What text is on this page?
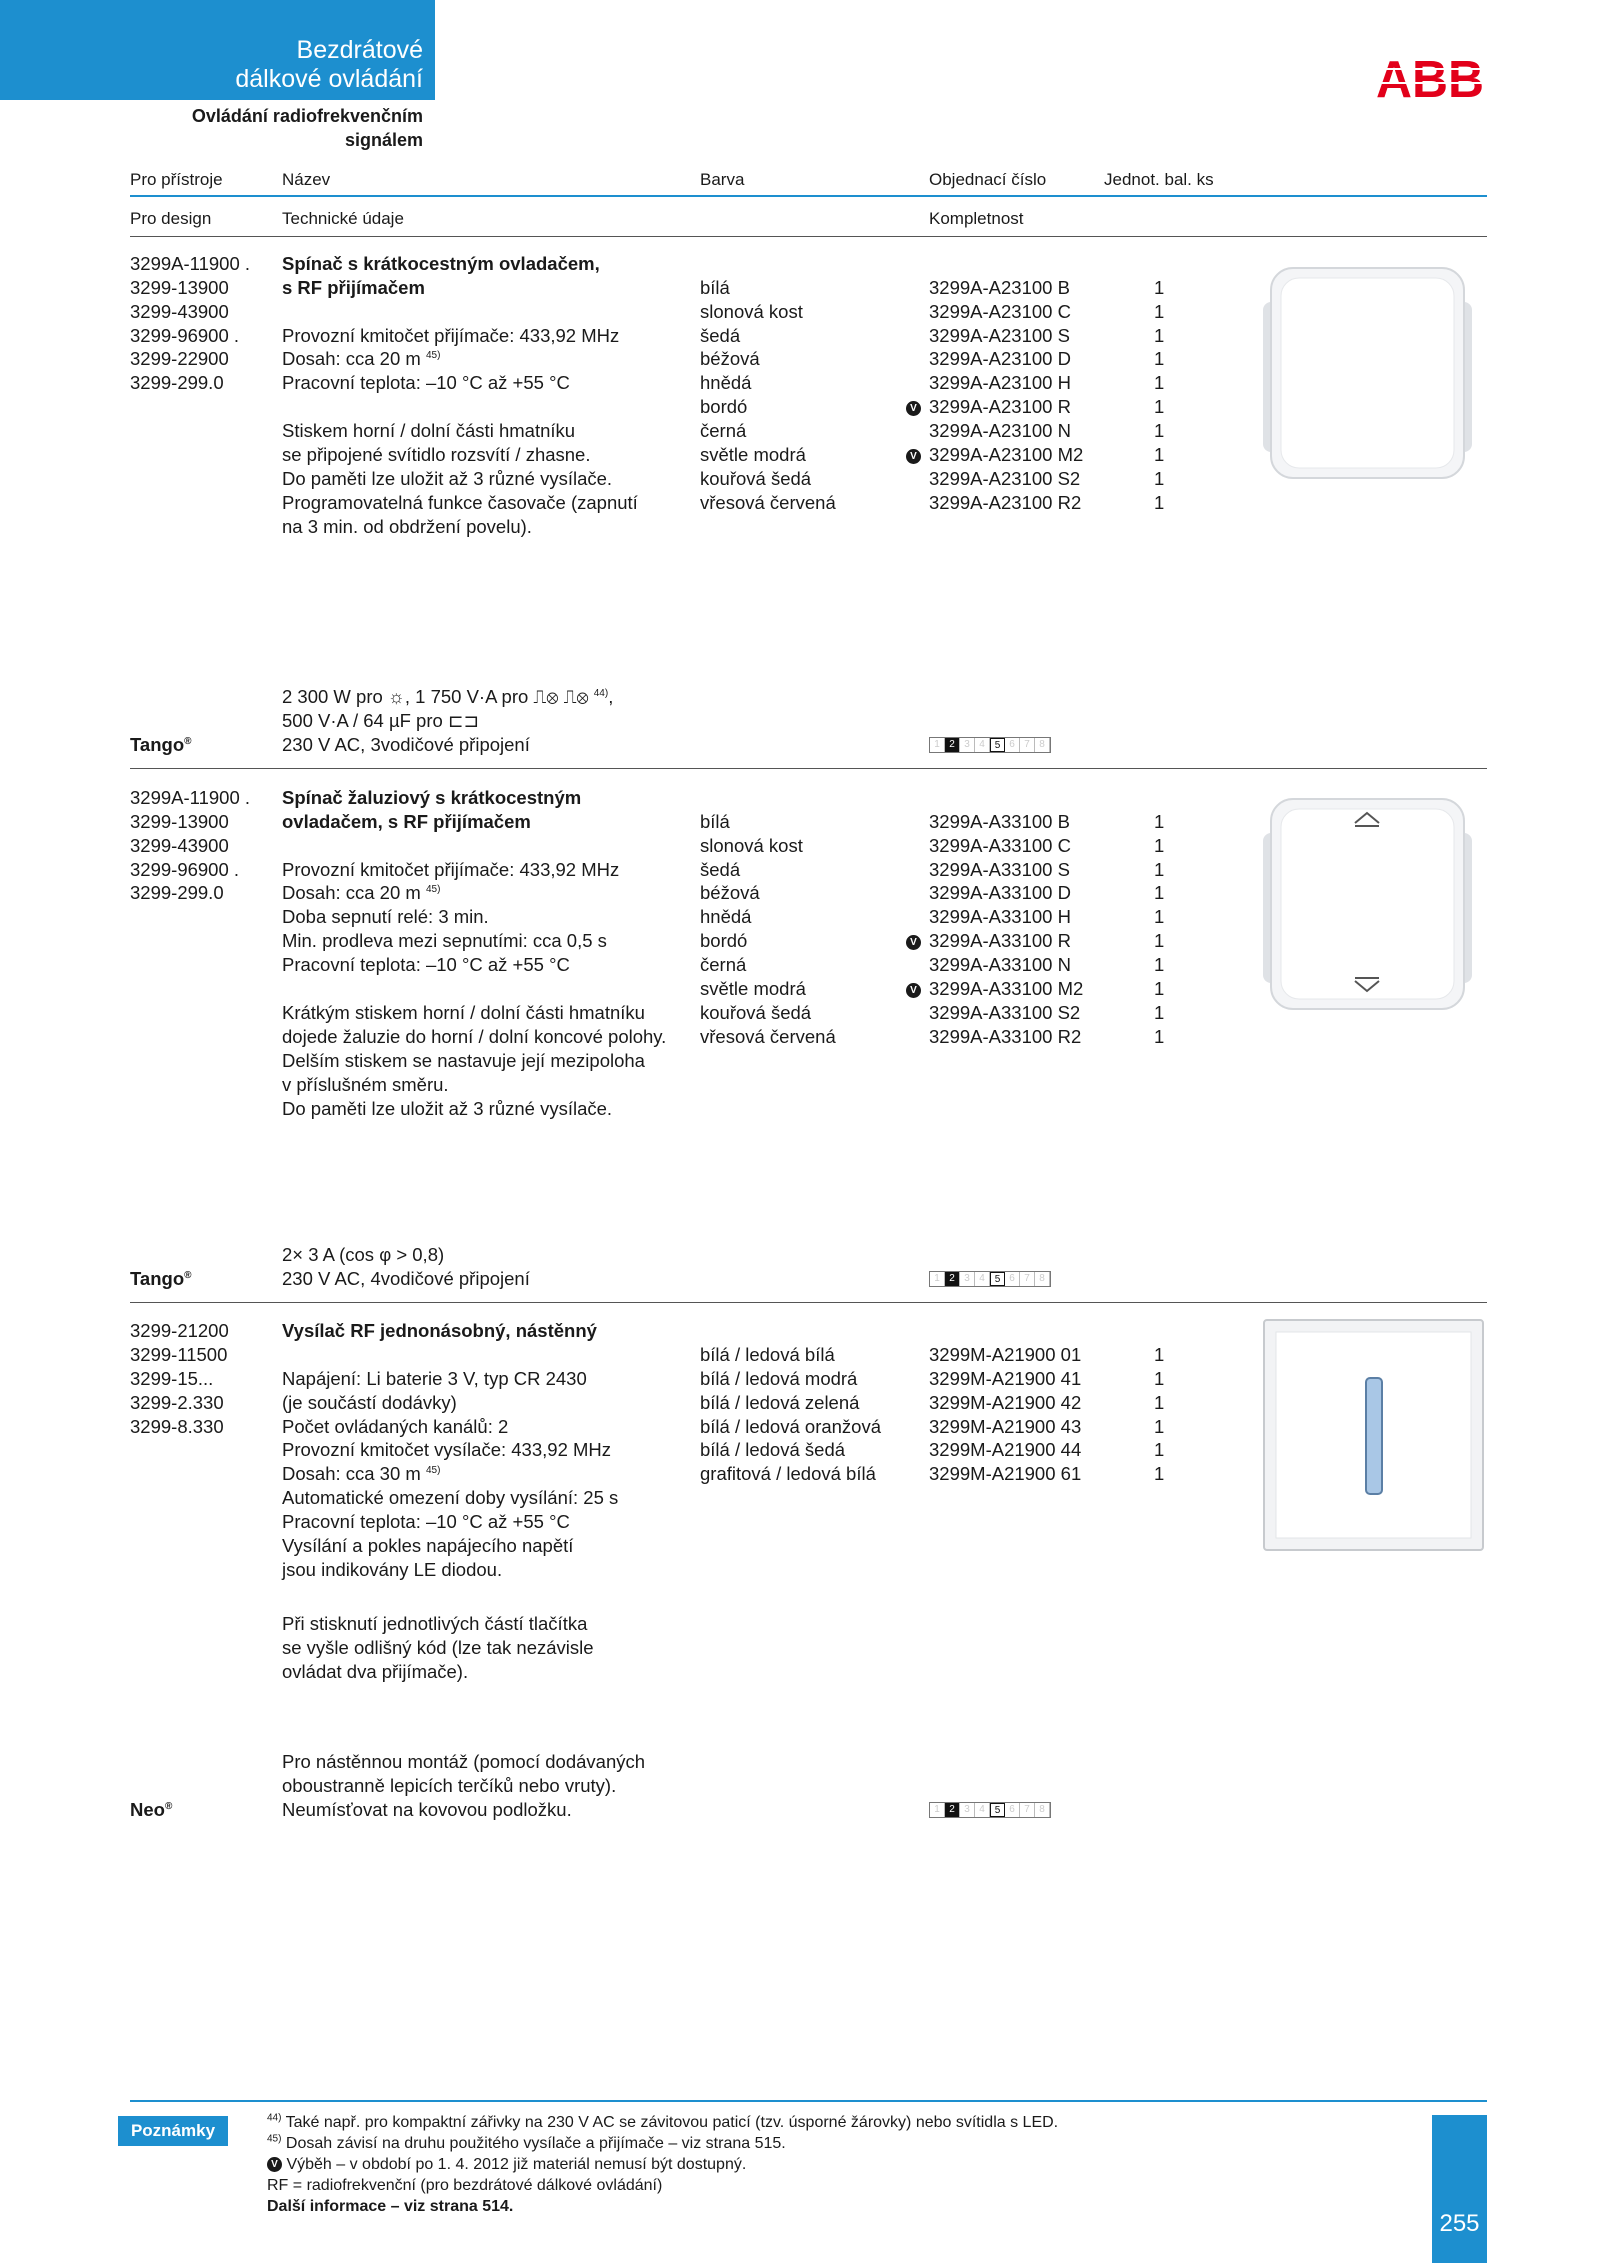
Bezdrátové
dálkové ovládání
Ovládání radiofrekvenčním
signálem
ABB
Pro přístroje	Název	Barva	Objednací číslo	Jednot. bal. ks
Pro design	Technické údaje	Kompletnost
3299A-11900 .
3299-13900
3299-43900
3299-96900 .
3299-22900
3299-299.0
Spínač s krátkocestným ovladačem,
s RF přijímačem
Provozní kmitočet přijímače: 433,92 MHz
Dosah: cca 20 m $^{45)}$
Pracovní teplota: –10 °C až +55 °C
Stiskem horní / dolní části hmatníku
se připojené svítidlo rozsvítí / zhasne.
Do paměti lze uložit až 3 různé vysílače.
Programovatelná funkce časovače (zapnutí
na 3 min. od obdržení povelu).
bílá	3299A-A23100 B	1
slonová kost	3299A-A23100 C	1
šedá	3299A-A23100 S	1
béžová	3299A-A23100 D	1
hnědá	3299A-A23100 H	1
bordó	V 3299A-A23100 R	1
černá	3299A-A23100 N	1
světle modrá	V 3299A-A23100 M2	1
kouřová šedá	3299A-A23100 S2	1
vřesová červená	3299A-A23100 R2	1
2 300 W pro ☼, 1 750 V·A pro ⎍⊗ ⎍⊗ $^{44)}$,
500 V·A / 64 µF pro ⊏⊐
230 V AC, 3vodičové připojení
Tango®	1 2 3 4 5 6 7 8
3299A-11900 .
3299-13900
3299-43900
3299-96900 .
3299-299.0
Spínač žaluziový s krátkocestným
ovladačem, s RF přijímačem
Provozní kmitočet přijímače: 433,92 MHz
Dosah: cca 20 m $^{45)}$
Doba sepnutí relé: 3 min.
Min. prodleva mezi sepnutími: cca 0,5 s
Pracovní teplota: –10 °C až +55 °C
Krátkým stiskem horní / dolní části hmatníku
dojede žaluzie do horní / dolní koncové polohy.
Delším stiskem se nastavuje její mezipoloha
v příslušném směru.
Do paměti lze uložit až 3 různé vysílače.
bílá	3299A-A33100 B	1
slonová kost	3299A-A33100 C	1
šedá	3299A-A33100 S	1
béžová	3299A-A33100 D	1
hnědá	3299A-A33100 H	1
bordó	V 3299A-A33100 R	1
černá	3299A-A33100 N	1
světle modrá	V 3299A-A33100 M2	1
kouřová šedá	3299A-A33100 S2	1
vřesová červená	3299A-A33100 R2	1
2× 3 A (cos φ > 0,8)
230 V AC, 4vodičové připojení
Tango®	1 2 3 4 5 6 7 8
3299-21200
3299-11500
3299-15...
3299-2.330
3299-8.330
Vysílač RF jednonásobný, nástěnný
Napájení: Li baterie 3 V, typ CR 2430
(je součástí dodávky)
Počet ovládaných kanálů: 2
Provozní kmitočet vysílače: 433,92 MHz
Dosah: cca 30 m $^{45)}$
Automatické omezení doby vysílání: 25 s
Pracovní teplota: –10 °C až +55 °C
Vysílání a pokles napájecího napětí
jsou indikovány LE diodou.
Při stisknutí jednotlivých částí tlačítka
se vyšle odlišný kód (lze tak nezávisle
ovládat dva přijímače).
bílá / ledová bílá	3299M-A21900 01	1
bílá / ledová modrá	3299M-A21900 41	1
bílá / ledová zelená	3299M-A21900 42	1
bílá / ledová oranžová	3299M-A21900 43	1
bílá / ledová šedá	3299M-A21900 44	1
grafitová / ledová bílá	3299M-A21900 61	1
Pro nástěnnou montáž (pomocí dodávaných
oboustranně lepicích terčíků nebo vruty).
Neumísťovat na kovovou podložku.
Neo®	1 2 3 4 5 6 7 8
Poznámky
$^{44)}$ Také např. pro kompaktní zářivky na 230 V AC se závitovou paticí (tzv. úsporné žárovky) nebo svítidla s LED.
$^{45)}$ Dosah závisí na druhu použitého vysílače a přijímače – viz strana 515.
V Výběh – v období po 1. 4. 2012 již materiál nemusí být dostupný.
RF = radiofrekvenční (pro bezdrátové dálkové ovládání)
Další informace – viz strana 514.
255
